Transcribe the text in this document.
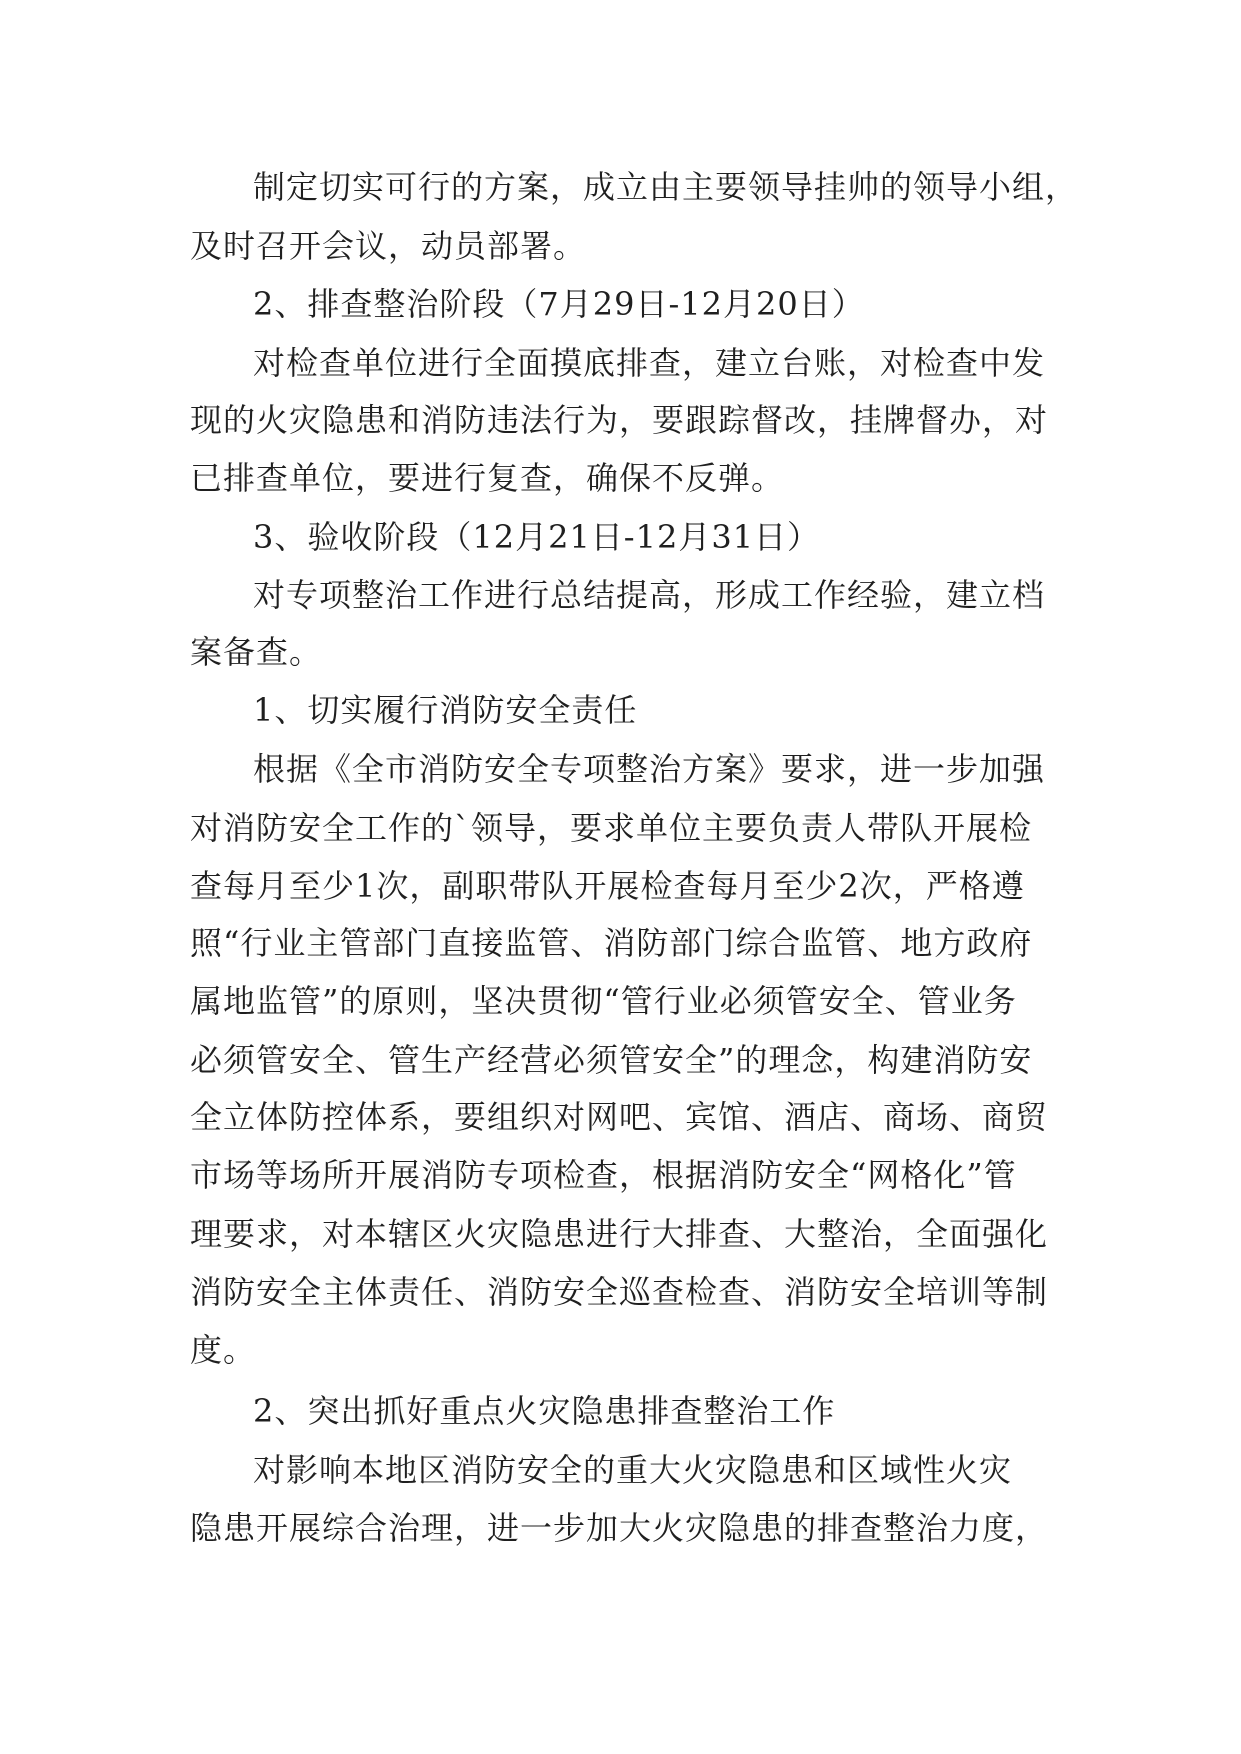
制定切实可行的方案，成立由主要领导挂帅的领导小组，
及时召开会议，动员部署。
2、排查整治阶段（7月29日-12月20日）
对检查单位进行全面摸底排查，建立台账，对检查中发
现的火灾隐患和消防违法行为，要跟踪督改，挂牌督办，对
已排查单位，要进行复查，确保不反弹。
3、验收阶段（12月21日-12月31日）
对专项整治工作进行总结提高，形成工作经验，建立档
案备查。
1、切实履行消防安全责任
根据《全市消防安全专项整治方案》要求，进一步加强
对消防安全工作的`领导，要求单位主要负责人带队开展检
查每月至少1次，副职带队开展检查每月至少2次，严格遵
照“行业主管部门直接监管、消防部门综合监管、地方政府
属地监管”的原则，坚决贯彻“管行业必须管安全、管业务
必须管安全、管生产经营必须管安全”的理念，构建消防安
全立体防控体系，要组织对网吧、宾馆、酒店、商场、商贸
市场等场所开展消防专项检查，根据消防安全“网格化”管
理要求，对本辖区火灾隐患进行大排查、大整治，全面强化
消防安全主体责任、消防安全巡查检查、消防安全培训等制
度。
2、突出抓好重点火灾隐患排查整治工作
对影响本地区消防安全的重大火灾隐患和区域性火灾
隐患开展综合治理，进一步加大火灾隐患的排查整治力度，
